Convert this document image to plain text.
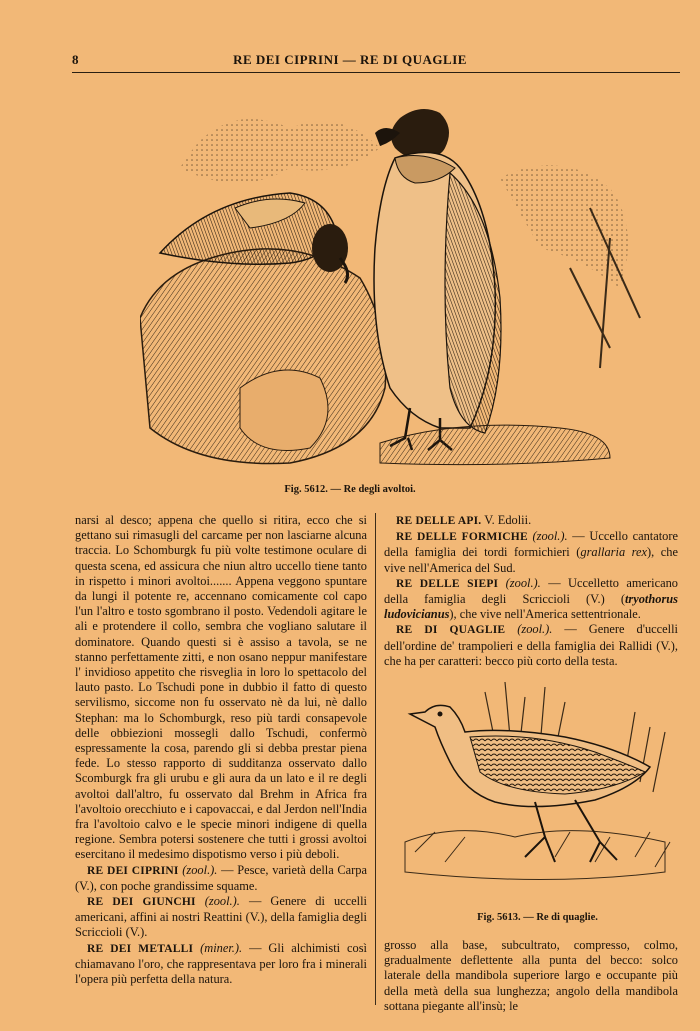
8	RE DEI CIPRINI — RE DI QUAGLIE
Fig. 5612. — Re degli avoltoi.

narsi al desco; appena che quello si ritira, ecco che si gettano sui rimasugli del carcame per non lasciarne alcuna traccia. Lo Schomburgk fu più volte testimone oculare di questa scena, ed assicura che niun altro uccello tiene tanto in rispetto i minori avoltoi....... Appena veggono spuntare da lungi il potente re, accennano comicamente col capo l'un l'altro e tosto sgombrano il posto. Vedendoli agitare le ali e protendere il collo, sembra che vogliano salutare il dominatore. Quando questi si è assiso a tavola, se ne stanno perfettamente zitti, e non osano neppur manifestare l' invidioso appetito che risveglia in loro lo spettacolo del lauto pasto. Lo Tschudi pone in dubbio il fatto di questo servilismo, siccome non fu osservato nè da lui, nè dallo Stephan: ma lo Schomburgk, reso più tardi consapevole delle obbiezioni mossegli dallo Tschudi, confermò espressamente la cosa, parendo gli si debba prestar piena fede. Lo stesso rapporto di sudditanza osservato dallo Scomburgk fra gli urubu e gli aura da un lato e il re degli avoltoi dall'altro, fu osservato dal Brehm in Africa fra l'avoltoio orecchiuto e i capovaccai, e dal Jerdon nell'India fra l'avoltoio calvo e le specie minori indigene di quella regione. Sembra potersi sostenere che tutti i grossi avoltoi esercitano il medesimo dispotismo verso i più deboli.

RE DEI CIPRINI (zool.). — Pesce, varietà della Carpa (V.), con poche grandissime squame.

RE DEI GIUNCHI (zool.). — Genere di uccelli americani, affini ai nostri Reattini (V.), della famiglia degli Scriccioli (V.).

RE DEI METALLI (miner.). — Gli alchimisti così chiamavano l'oro, che rappresentava per loro fra i minerali l'opera più perfetta della natura.

RE DELLE API. V. Edolii.

RE DELLE FORMICHE (zool.). — Uccello cantatore della famiglia dei tordi formichieri (grallaria rex), che vive nell'America del Sud.

RE DELLE SIEPI (zool.). — Uccelletto americano della famiglia degli Scriccioli (V.) (tryothorus ludovicianus), che vive nell'America settentrionale.

RE DI QUAGLIE (zool.). — Genere d'uccelli dell'ordine de' trampolieri e della famiglia dei Rallidi (V.), che ha per caratteri: becco più corto della testa.

Fig. 5613. — Re di quaglie.

grosso alla base, subcultrato, compresso, colmo, gradualmente deflettente alla punta del becco: solco laterale della mandibola superiore largo e occupante più della metà della sua lunghezza; angolo della mandibola sottana piegante all'insù; le
